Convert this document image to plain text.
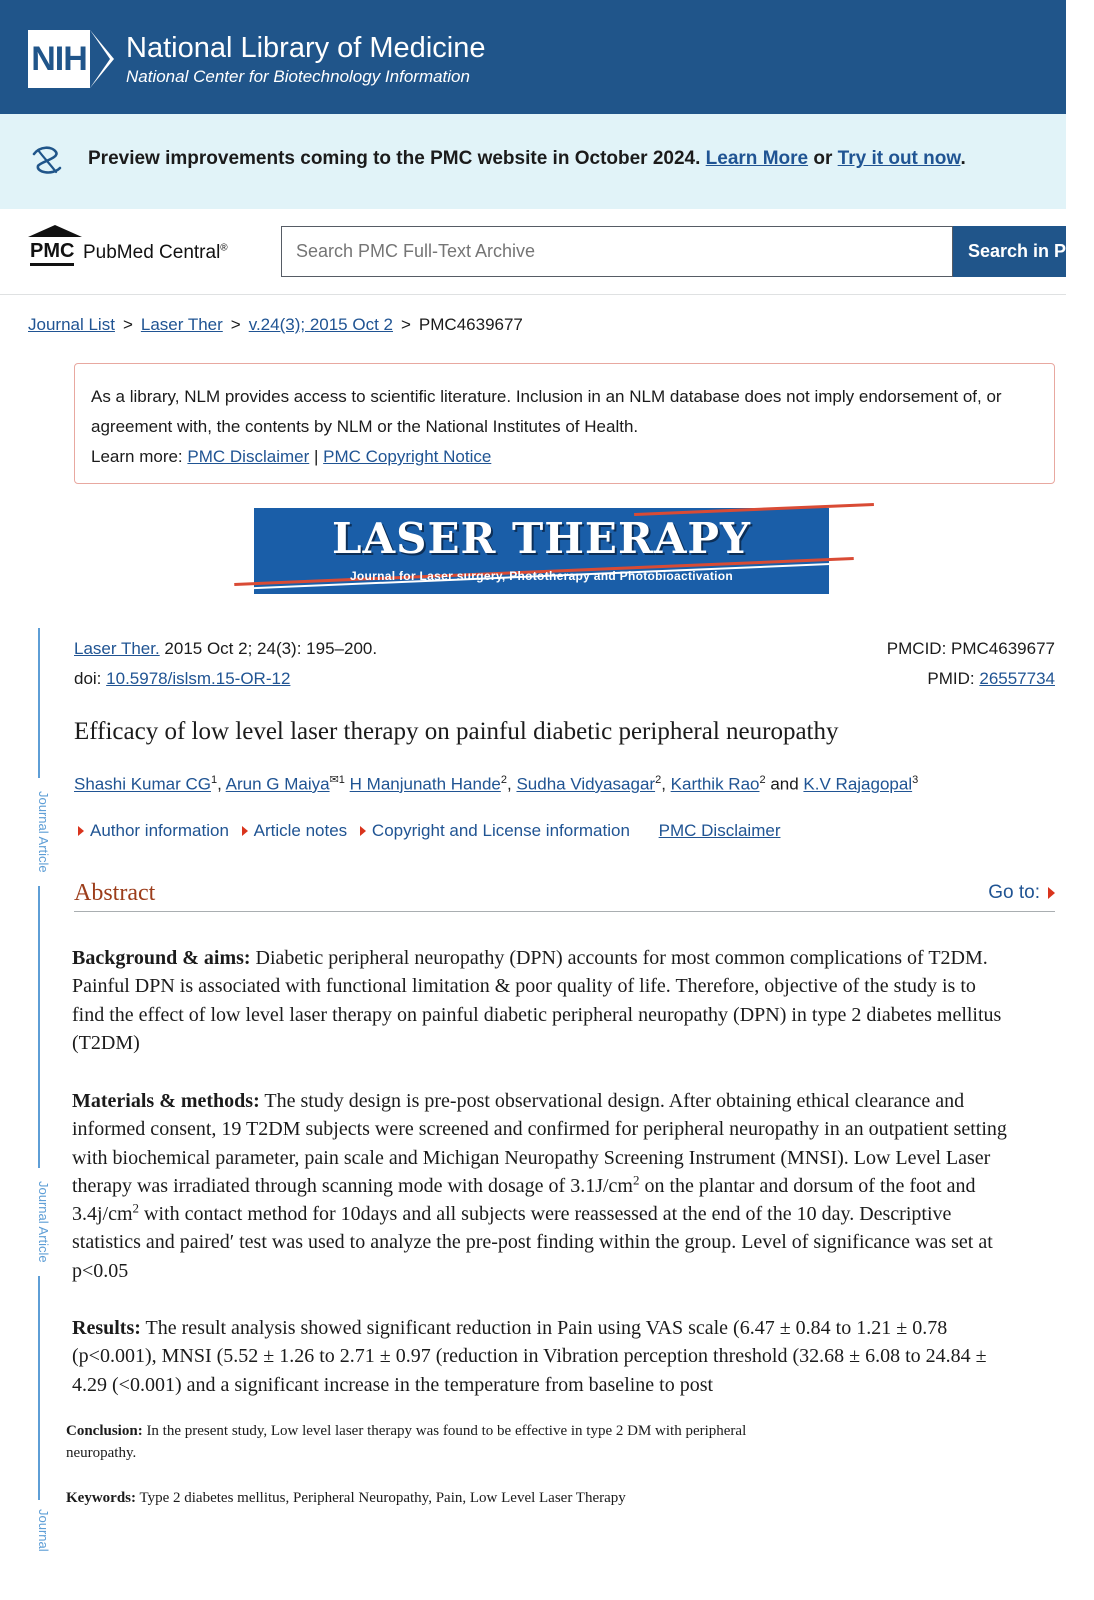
NIH National Library of Medicine
National Center for Biotechnology Information
Preview improvements coming to the PMC website in October 2024. Learn More or Try it out now.
PMC PubMed Central®
Search PMC Full-Text Archive	Search in PMC
Journal List > Laser Ther > v.24(3); 2015 Oct 2 > PMC4639677
As a library, NLM provides access to scientific literature. Inclusion in an NLM database does not imply endorsement of, or agreement with, the contents by NLM or the National Institutes of Health.
Learn more: PMC Disclaimer | PMC Copyright Notice
LASER THERAPY
Journal for Laser surgery, Phototherapy and Photobioactivation
Journal Article
Journal Article
Journal
Laser Ther. 2015 Oct 2; 24(3): 195–200.
doi: 10.5978/islsm.15-OR-12
PMCID: PMC4639677
PMID: 26557734
Efficacy of low level laser therapy on painful diabetic peripheral neuropathy
Shashi Kumar $CG^1$, Arun G Maiya$^{✉1}$ H Manjunath Hande$^2$, Sudha Vidyasagar$^2$, Karthik Rao$^2$ and K.V Rajagopal$^3$
Author information Article notes Copyright and License information PMC Disclaimer
Abstract	Go to:
Background & aims: Diabetic peripheral neuropathy (DPN) accounts for most common complications of T2DM. Painful DPN is associated with functional limitation & poor quality of life. Therefore, objective of the study is to find the effect of low level laser therapy on painful diabetic peripheral neuropathy (DPN) in type 2 diabetes mellitus (T2DM)
Materials & methods: The study design is pre-post observational design. After obtaining ethical clearance and informed consent, 19 T2DM subjects were screened and confirmed for peripheral neuropathy in an outpatient setting with biochemical parameter, pain scale and Michigan Neuropathy Screening Instrument (MNSI). Low Level Laser therapy was irradiated through scanning mode with dosage of $3.1J/cm^2$ on the plantar and dorsum of the foot and $3.4j/cm^2$ with contact method for 10days and all subjects were reassessed at the end of the 10 day. Descriptive statistics and paired′ test was used to analyze the pre-post finding within the group. Level of significance was set at p<0.05
Results: The result analysis showed significant reduction in Pain using VAS scale (6.47 ± 0.84 to 1.21 ± 0.78 (p<0.001), MNSI (5.52 ± 1.26 to 2.71 ± 0.97 (reduction in Vibration perception threshold (32.68 ± 6.08 to 24.84 ± 4.29 (<0.001) and a significant increase in the temperature from baseline to post
Conclusion: In the present study, Low level laser therapy was found to be effective in type 2 DM with peripheral neuropathy.
Keywords: Type 2 diabetes mellitus, Peripheral Neuropathy, Pain, Low Level Laser Therapy
